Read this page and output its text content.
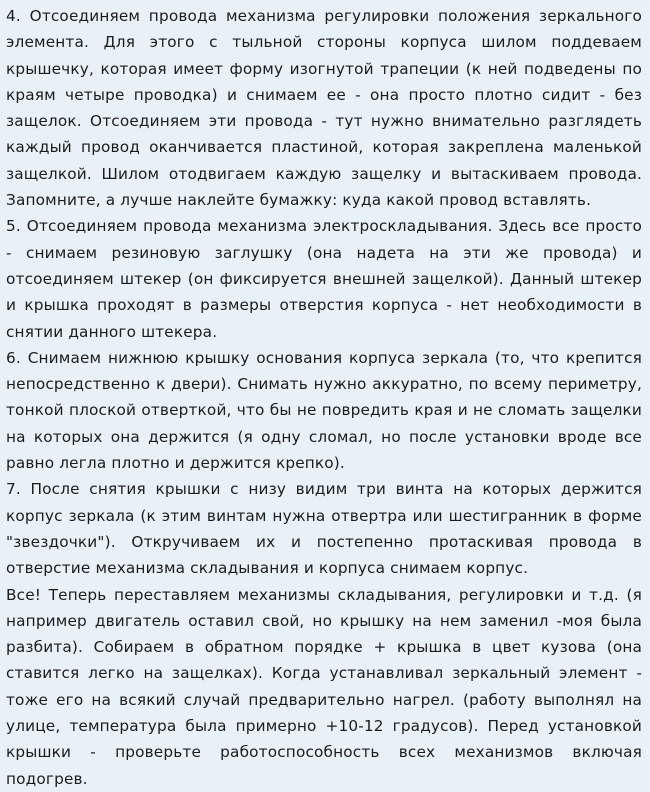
4. Отсоединяем провода механизма регулировки положения зеркального элемента. Для этого с тыльной стороны корпуса шилом поддеваем крышечку, которая имеет форму изогнутой трапеции (к ней подведены по краям четыре проводка) и снимаем ее - она просто плотно сидит - без защелок. Отсоединяем эти провода - тут нужно внимательно разглядеть каждый провод оканчивается пластиной, которая закреплена маленькой защелкой. Шилом отодвигаем каждую защелку и вытаскиваем провода. Запомните, а лучше наклейте бумажку: куда какой провод вставлять.

5. Отсоединяем провода механизма электроскладывания. Здесь все просто - снимаем резиновую заглушку (она надета на эти же провода) и отсоединяем штекер (он фиксируется внешней защелкой). Данный штекер и крышка проходят в размеры отверстия корпуса - нет необходимости в снятии данного штекера.

6. Снимаем нижнюю крышку основания корпуса зеркала (то, что крепится непосредственно к двери). Снимать нужно аккуратно, по всему периметру, тонкой плоской отверткой, что бы не повредить края и не сломать защелки на которых она держится (я одну сломал, но после установки вроде все равно легла плотно и держится крепко).

7. После снятия крышки с низу видим три винта на которых держится корпус зеркала (к этим винтам нужна отвертра или шестигранник в форме "звездочки"). Откручиваем их и постепенно протаскивая провода в отверстие механизма складывания и корпуса снимаем корпус.

Все! Теперь переставляем механизмы складывания, регулировки и т.д. (я например двигатель оставил свой, но крышку на нем заменил -моя была разбита). Собираем в обратном порядке + крышка в цвет кузова (она ставится легко на защелках). Когда устанавливал зеркальный элемент - тоже его на всякий случай предварительно нагрел. (работу выполнял на улице, температура была примерно +10-12 градусов). Перед установкой крышки - проверьте работоспособность всех механизмов включая подогрев.
